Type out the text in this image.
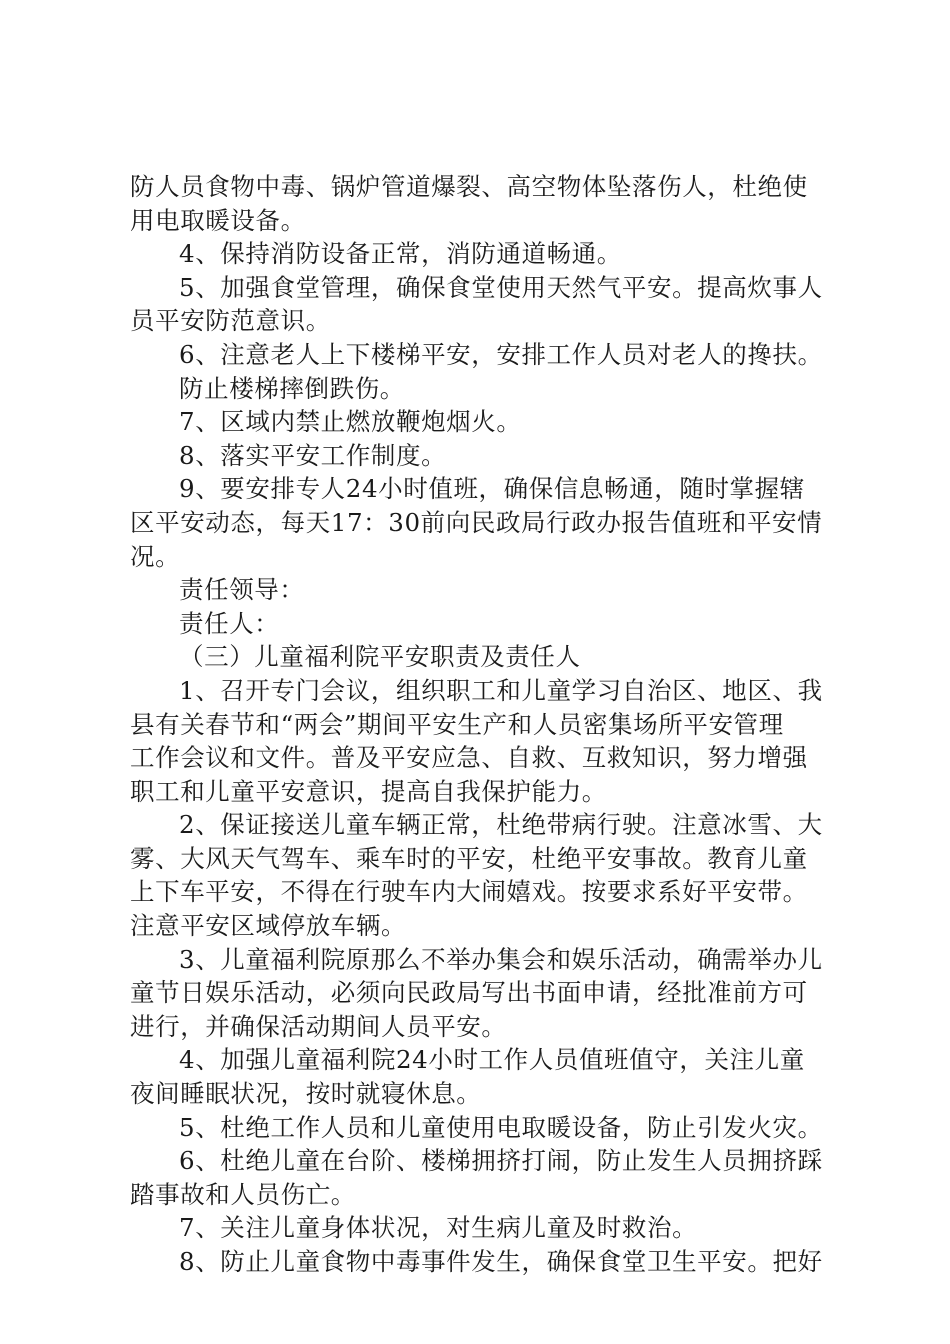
防人员食物中毒、锅炉管道爆裂、高空物体坠落伤人，杜绝使
用电取暖设备。
4、保持消防设备正常，消防通道畅通。
5、加强食堂管理，确保食堂使用天然气平安。提高炊事人
员平安防范意识。
6、注意老人上下楼梯平安，安排工作人员对老人的搀扶。
防止楼梯摔倒跌伤。
7、区域内禁止燃放鞭炮烟火。
8、落实平安工作制度。
9、要安排专人24小时值班，确保信息畅通，随时掌握辖
区平安动态，每天17：30前向民政局行政办报告值班和平安情
况。
责任领导：
责任人：
（三）儿童福利院平安职责及责任人
1、召开专门会议，组织职工和儿童学习自治区、地区、我
县有关春节和“两会”期间平安生产和人员密集场所平安管理
工作会议和文件。普及平安应急、自救、互救知识，努力增强
职工和儿童平安意识，提高自我保护能力。
2、保证接送儿童车辆正常，杜绝带病行驶。注意冰雪、大
雾、大风天气驾车、乘车时的平安，杜绝平安事故。教育儿童
上下车平安，不得在行驶车内大闹嬉戏。按要求系好平安带。
注意平安区域停放车辆。
3、儿童福利院原那么不举办集会和娱乐活动，确需举办儿
童节日娱乐活动，必须向民政局写出书面申请，经批准前方可
进行，并确保活动期间人员平安。
4、加强儿童福利院24小时工作人员值班值守，关注儿童
夜间睡眠状况，按时就寝休息。
5、杜绝工作人员和儿童使用电取暖设备，防止引发火灾。
6、杜绝儿童在台阶、楼梯拥挤打闹，防止发生人员拥挤踩
踏事故和人员伤亡。
7、关注儿童身体状况，对生病儿童及时救治。
8、防止儿童食物中毒事件发生，确保食堂卫生平安。把好
